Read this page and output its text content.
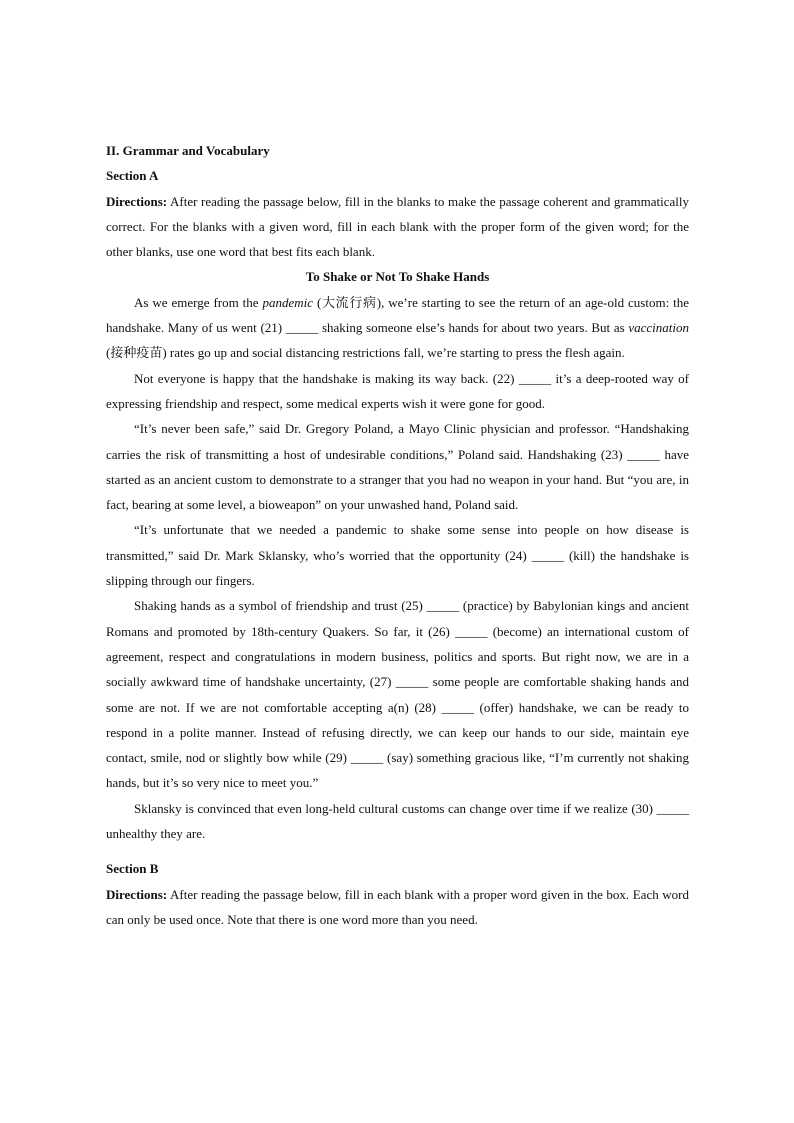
II. Grammar and Vocabulary
Section A

Directions: After reading the passage below, fill in the blanks to make the passage coherent and grammatically correct. For the blanks with a given word, fill in each blank with the proper form of the given word; for the other blanks, use one word that best fits each blank.

To Shake or Not To Shake Hands

As we emerge from the pandemic (大流行病), we’re starting to see the return of an age-old custom: the handshake. Many of us went (21) _____ shaking someone else’s hands for about two years. But as vaccination (接种疫苗) rates go up and social distancing restrictions fall, we’re starting to press the flesh again.

Not everyone is happy that the handshake is making its way back. (22) _____ it’s a deep-rooted way of expressing friendship and respect, some medical experts wish it were gone for good.

“It’s never been safe,” said Dr. Gregory Poland, a Mayo Clinic physician and professor. “Handshaking carries the risk of transmitting a host of undesirable conditions,” Poland said. Handshaking (23) _____ have started as an ancient custom to demonstrate to a stranger that you had no weapon in your hand. But “you are, in fact, bearing at some level, a bioweapon” on your unwashed hand, Poland said.

“It’s unfortunate that we needed a pandemic to shake some sense into people on how disease is transmitted,” said Dr. Mark Sklansky, who’s worried that the opportunity (24) _____ (kill) the handshake is slipping through our fingers.

Shaking hands as a symbol of friendship and trust (25) _____ (practice) by Babylonian kings and ancient Romans and promoted by 18th-century Quakers. So far, it (26) _____ (become) an international custom of agreement, respect and congratulations in modern business, politics and sports. But right now, we are in a socially awkward time of handshake uncertainty, (27) _____ some people are comfortable shaking hands and some are not. If we are not comfortable accepting a(n) (28) _____ (offer) handshake, we can be ready to respond in a polite manner. Instead of refusing directly, we can keep our hands to our side, maintain eye contact, smile, nod or slightly bow while (29) _____ (say) something gracious like, “I’m currently not shaking hands, but it’s so very nice to meet you.”

Sklansky is convinced that even long-held cultural customs can change over time if we realize (30) _____ unhealthy they are.

Section B

Directions: After reading the passage below, fill in each blank with a proper word given in the box. Each word can only be used once. Note that there is one word more than you need.
